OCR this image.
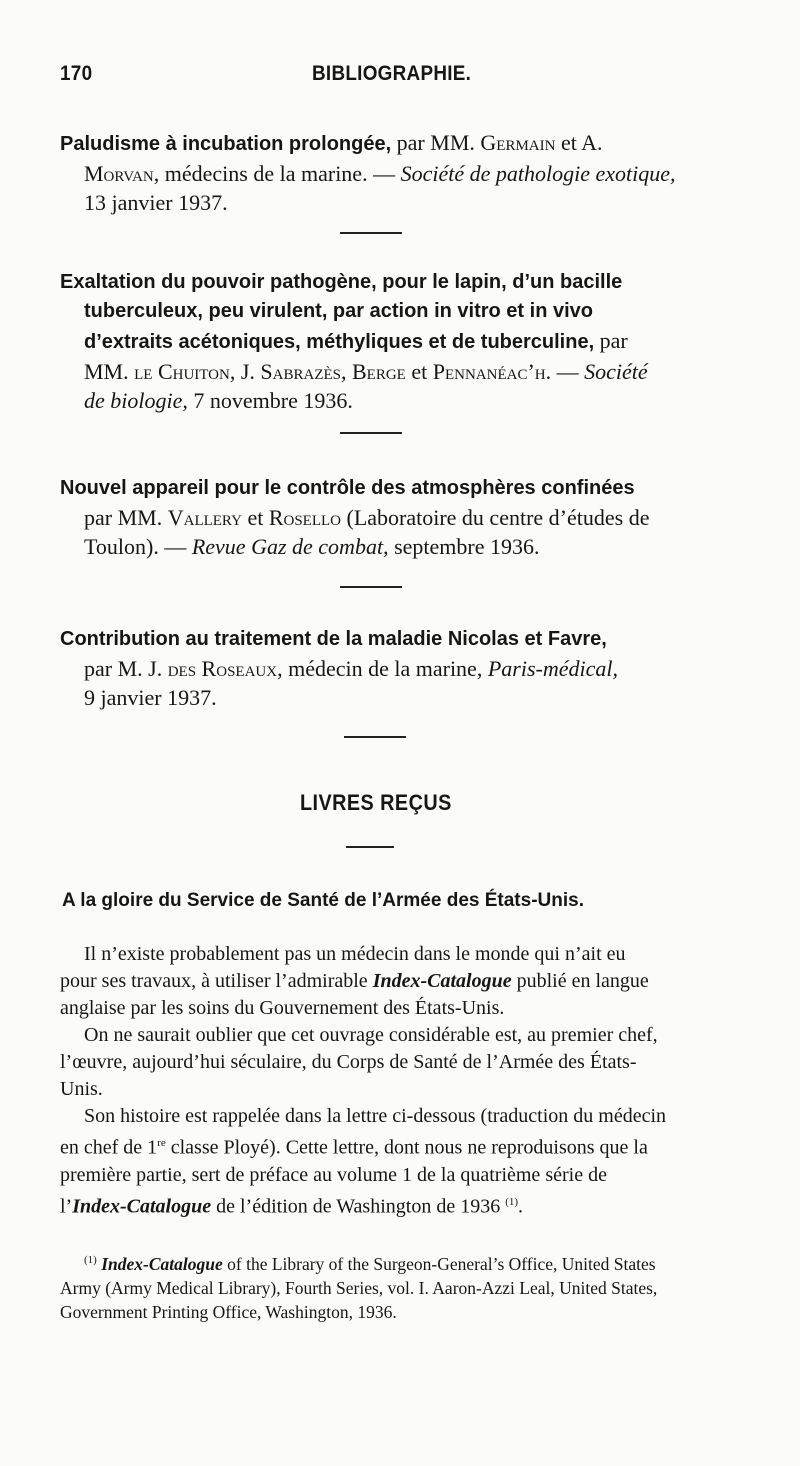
170	BIBLIOGRAPHIE.
Paludisme à incubation prolongée, par MM. Germain et A.
Morvan, médecins de la marine. — Société de pathologie exotique,
13 janvier 1937.
Exaltation du pouvoir pathogène, pour le lapin, d’un bacille
tuberculeux, peu virulent, par action in vitro et in vivo
d’extraits acétoniques, méthyliques et de tuberculine, par
MM. le Chuiton, J. Sabrazès, Berge et Pennanéac’h. — Société
de biologie, 7 novembre 1936.
Nouvel appareil pour le contrôle des atmosphères confinées
par MM. Vallery et Rosello (Laboratoire du centre d’études de
Toulon). — Revue Gaz de combat, septembre 1936.
Contribution au traitement de la maladie Nicolas et Favre,
par M. J. des Roseaux, médecin de la marine, Paris-médical,
9 janvier 1937.
LIVRES REÇUS
A la gloire du Service de Santé de l’Armée des États-Unis.
Il n’existe probablement pas un médecin dans le monde qui n’ait eu
pour ses travaux, à utiliser l’admirable Index-Catalogue publié en langue
anglaise par les soins du Gouvernement des États-Unis.
On ne saurait oublier que cet ouvrage considérable est, au premier chef,
l’œuvre, aujourd’hui séculaire, du Corps de Santé de l’Armée des États-
Unis.
Son histoire est rappelée dans la lettre ci-dessous (traduction du médecin
en chef de 1re classe Ployé). Cette lettre, dont nous ne reproduisons que la
première partie, sert de préface au volume 1 de la quatrième série de
l’Index-Catalogue de l’édition de Washington de 1936 $^{(1)}$.
$^{(1)}$ Index-Catalogue of the Library of the Surgeon-General’s Office, United States
Army (Army Medical Library), Fourth Series, vol. I. Aaron-Azzi Leal, United States,
Government Printing Office, Washington, 1936.
